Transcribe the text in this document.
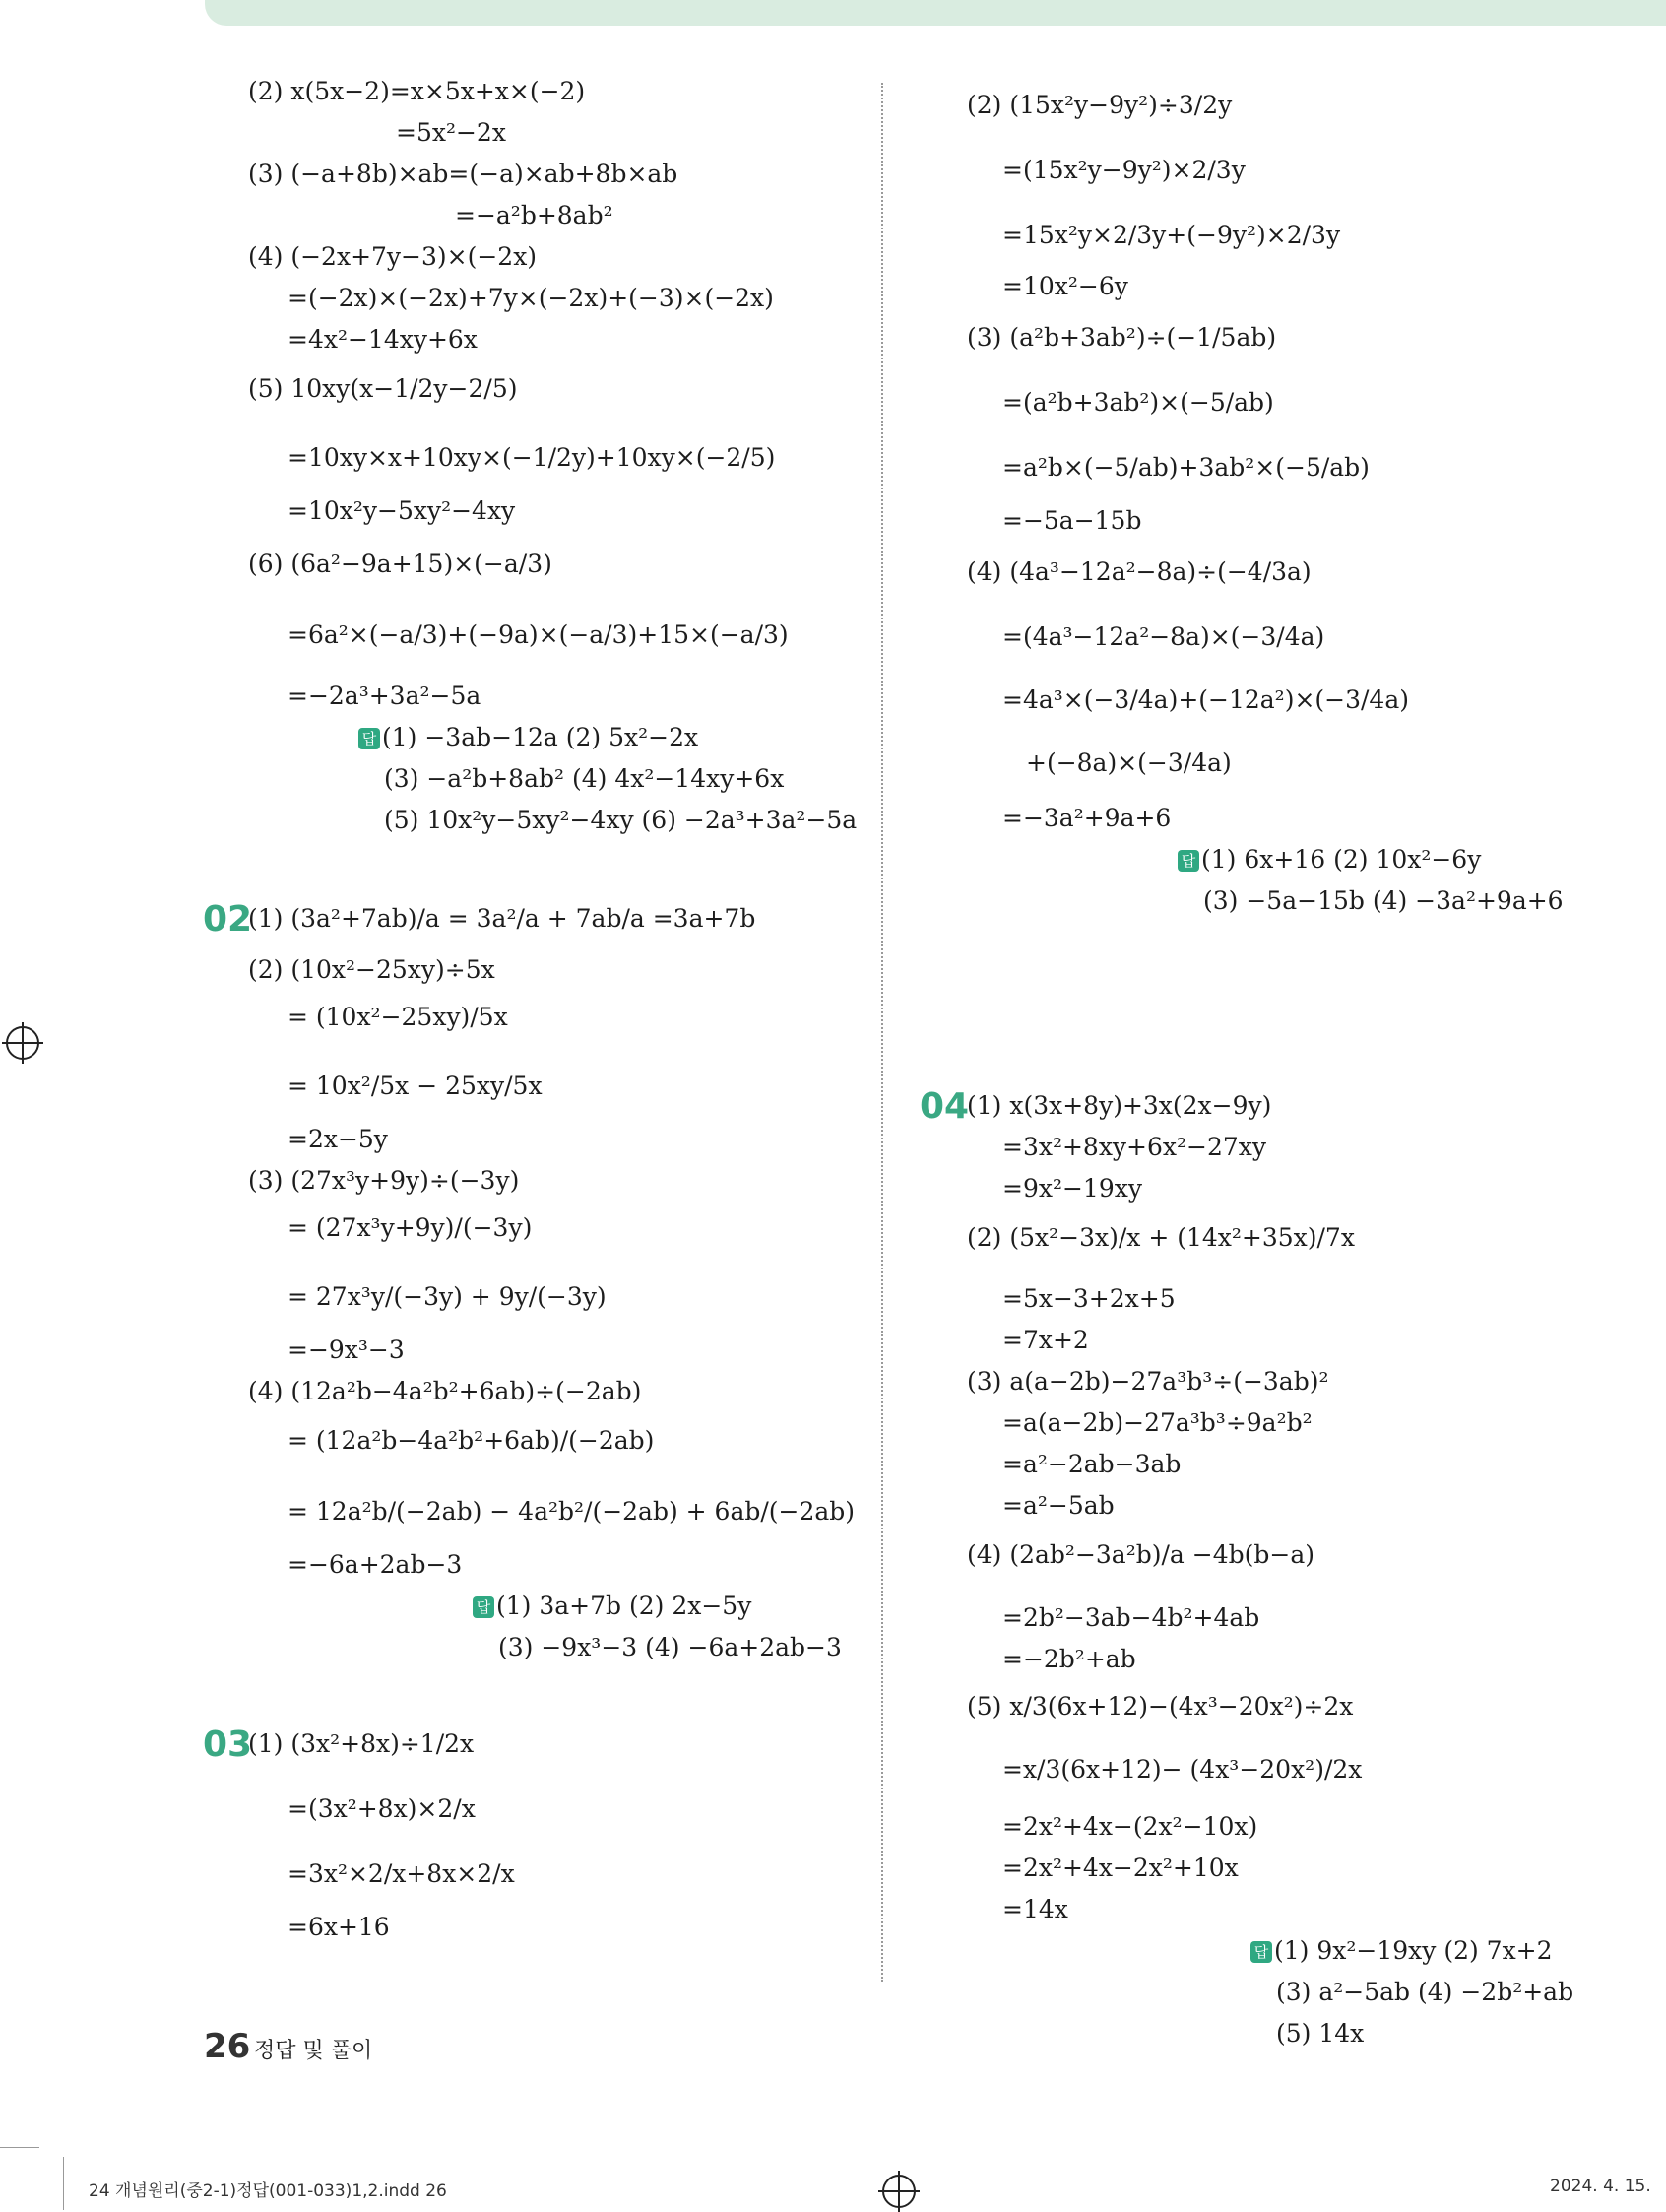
(2) x(5x−2)=x×5x+x×(−2)
=5x²−2x
(3) (−a+8b)×ab=(−a)×ab+8b×ab
=−a²b+8ab²
(4) (−2x+7y−3)×(−2x)
=(−2x)×(−2x)+7y×(−2x)+(−3)×(−2x)
=4x²−14xy+6x
(5) 10xy(x−1/2y−2/5)
=10xy×x+10xy×(−1/2y)+10xy×(−2/5)
=10x²y−5xy²−4xy
(6) (6a²−9a+15)×(−a/3)
=6a²×(−a/3)+(−9a)×(−a/3)+15×(−a/3)
=−2a³+3a²−5a
답 (1) −3ab−12a (2) 5x²−2x
(3) −a²b+8ab² (4) 4x²−14xy+6x
(5) 10x²y−5xy²−4xy (6) −2a³+3a²−5a
02
(1) (3a²+7ab)/a = 3a²/a + 7ab/a =3a+7b
(2) (10x²−25xy)÷5x
= (10x²−25xy)/5x
= 10x²/5x − 25xy/5x
=2x−5y
(3) (27x³y+9y)÷(−3y)
= (27x³y+9y)/(−3y)
= 27x³y/(−3y) + 9y/(−3y)
=−9x³−3
(4) (12a²b−4a²b²+6ab)÷(−2ab)
= (12a²b−4a²b²+6ab)/(−2ab)
= 12a²b/(−2ab) − 4a²b²/(−2ab) + 6ab/(−2ab)
=−6a+2ab−3
답 (1) 3a+7b (2) 2x−5y
(3) −9x³−3 (4) −6a+2ab−3
03
(1) (3x²+8x)÷1/2x
=(3x²+8x)×2/x
=3x²×2/x+8x×2/x
=6x+16
(2) (15x²y−9y²)÷3/2y
=(15x²y−9y²)×2/3y
=15x²y×2/3y+(−9y²)×2/3y
=10x²−6y
(3) (a²b+3ab²)÷(−1/5ab)
=(a²b+3ab²)×(−5/ab)
=a²b×(−5/ab)+3ab²×(−5/ab)
=−5a−15b
(4) (4a³−12a²−8a)÷(−4/3a)
=(4a³−12a²−8a)×(−3/4a)
=4a³×(−3/4a)+(−12a²)×(−3/4a)
+(−8a)×(−3/4a)
=−3a²+9a+6
답 (1) 6x+16 (2) 10x²−6y
(3) −5a−15b (4) −3a²+9a+6
04
(1) x(3x+8y)+3x(2x−9y)
=3x²+8xy+6x²−27xy
=9x²−19xy
(2) (5x²−3x)/x + (14x²+35x)/7x
=5x−3+2x+5
=7x+2
(3) a(a−2b)−27a³b³÷(−3ab)²
=a(a−2b)−27a³b³÷9a²b²
=a²−2ab−3ab
=a²−5ab
(4) (2ab²−3a²b)/a −4b(b−a)
=2b²−3ab−4b²+4ab
=−2b²+ab
(5) x/3(6x+12)−(4x³−20x²)÷2x
=x/3(6x+12)− (4x³−20x²)/2x
=2x²+4x−(2x²−10x)
=2x²+4x−2x²+10x
=14x
답 (1) 9x²−19xy (2) 7x+2
(3) a²−5ab (4) −2b²+ab
(5) 14x
26 정답 및 풀이
24 개념원리(중2-1)정답(001-033)1,2.indd 26	2024. 4. 15.
